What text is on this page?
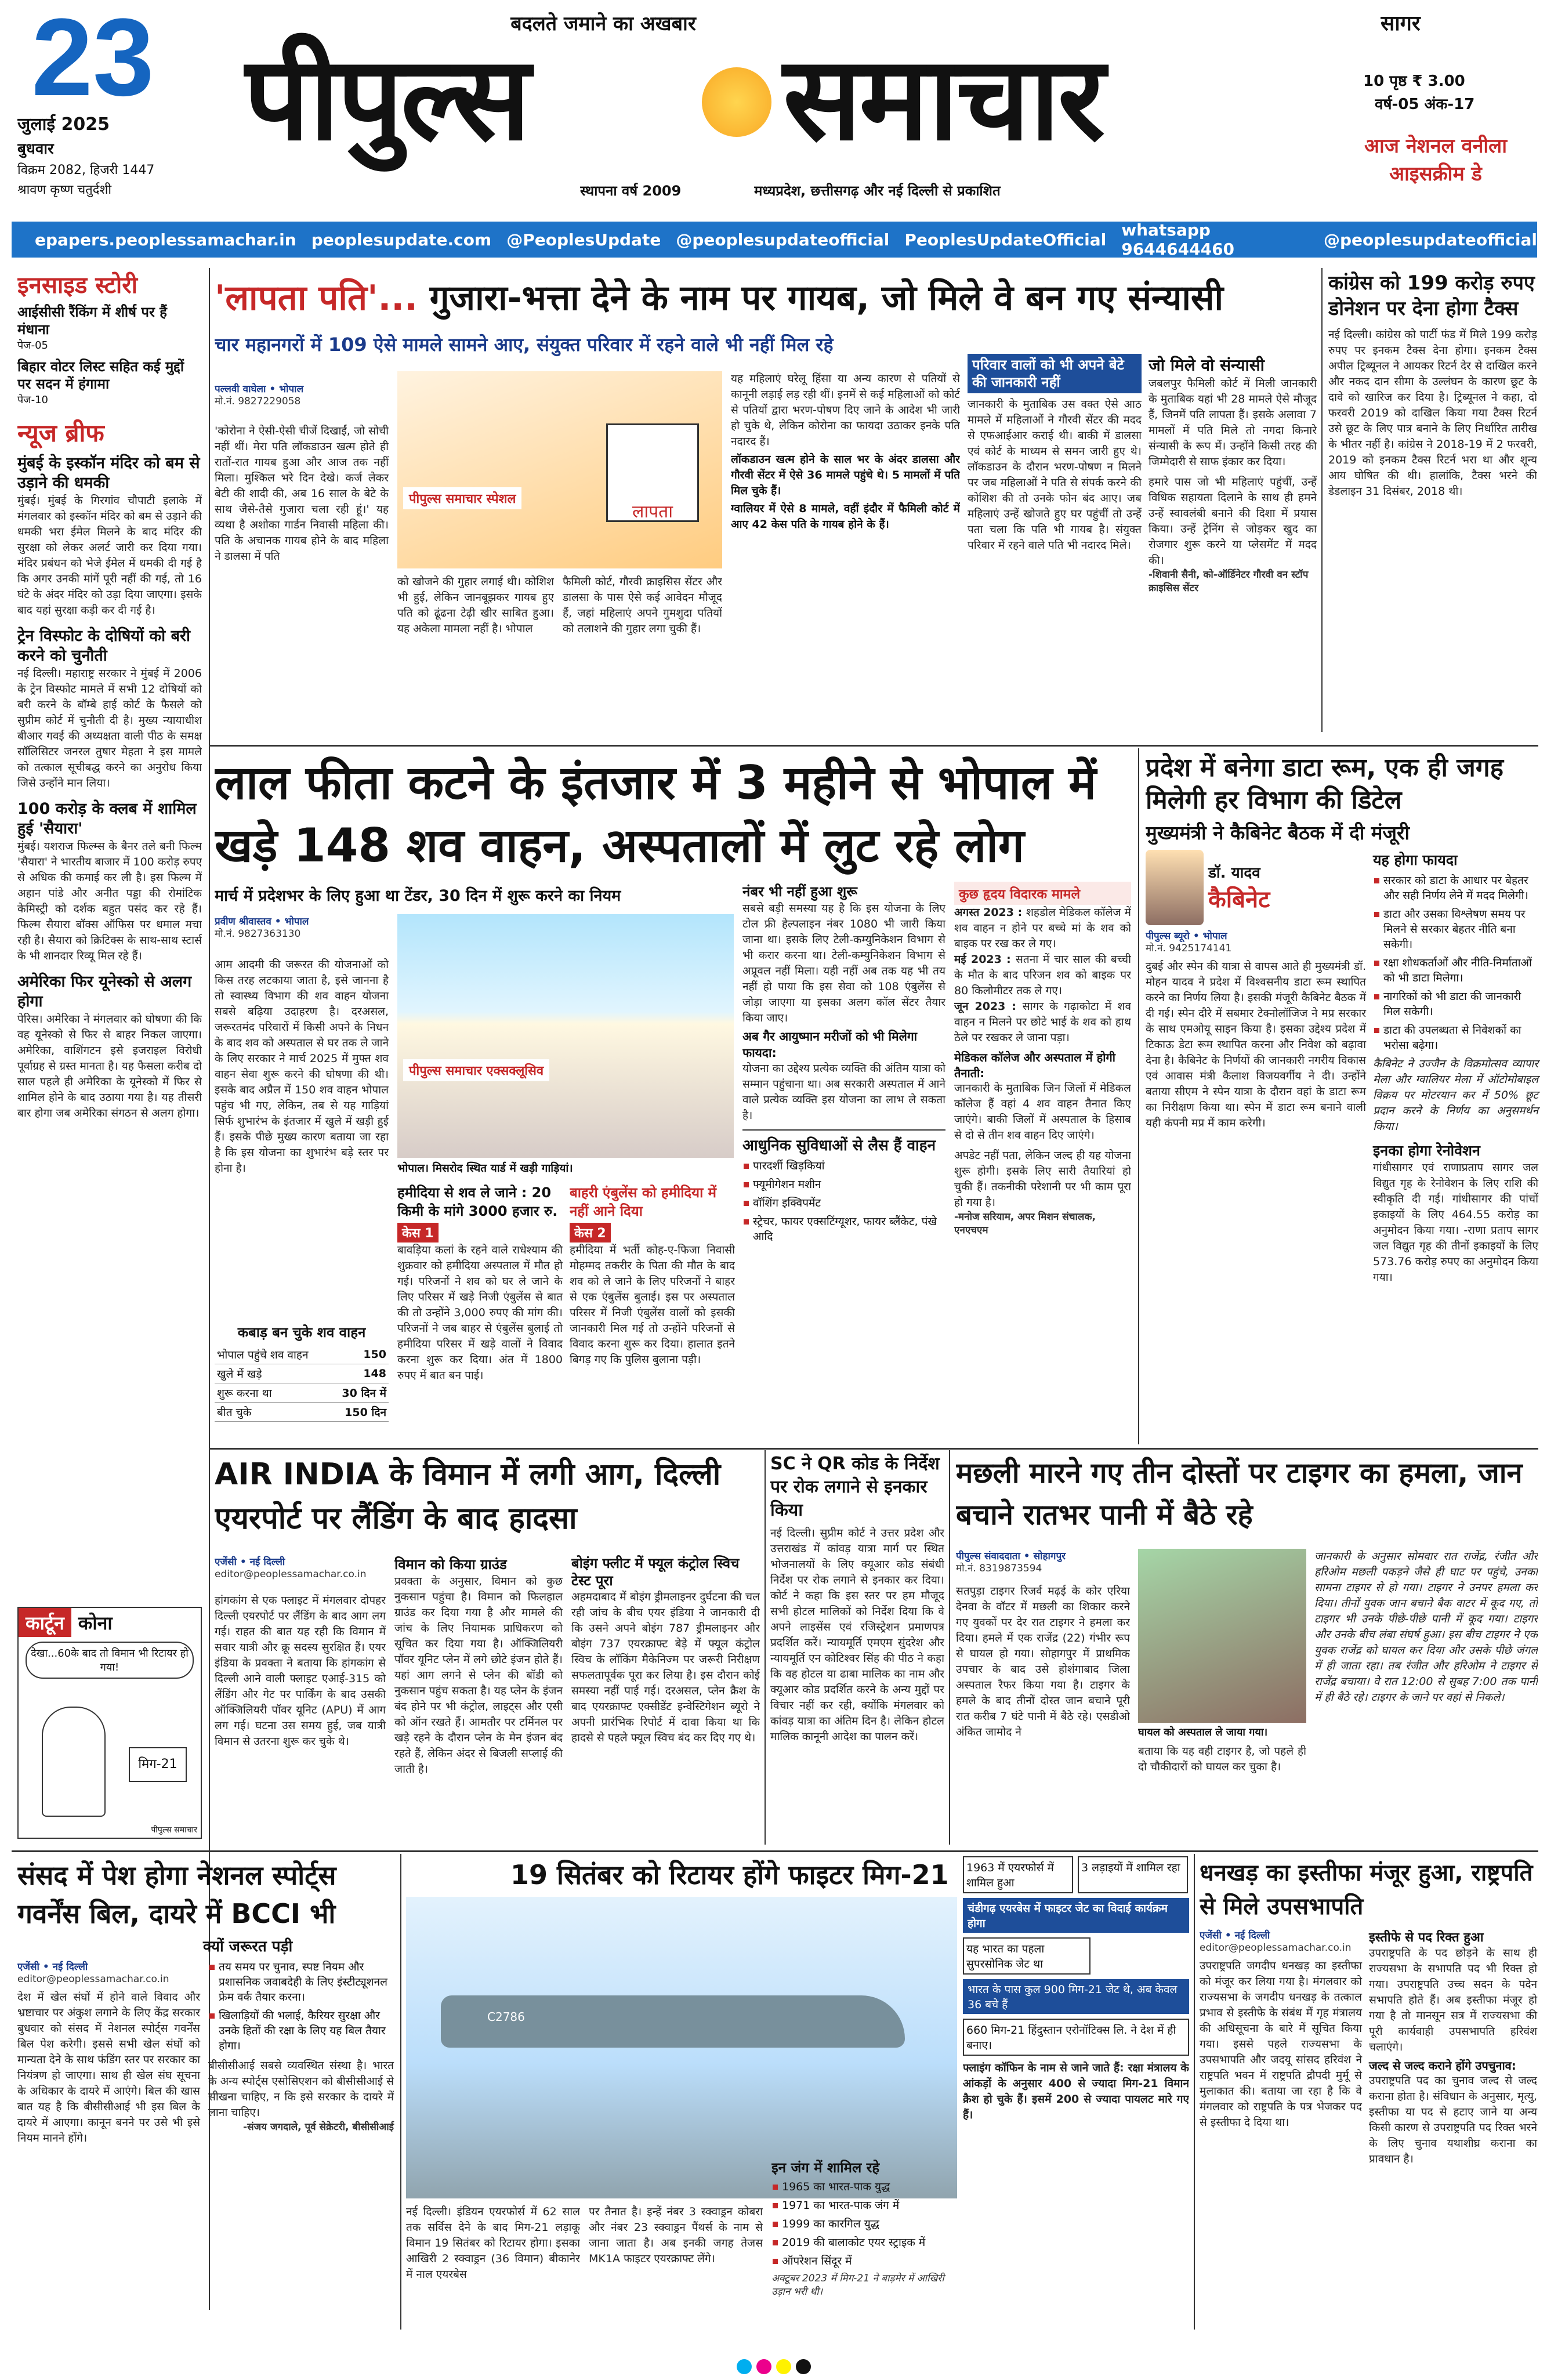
23
जुलाई 2025
बुधवार
विक्रम 2082, हिजरी 1447
श्रावण कृष्ण चतुर्दशी
बदलते जमाने का अखबार
पीपुल्स समाचार
स्थापना वर्ष 2009	मध्यप्रदेश, छत्तीसगढ़ और नई दिल्ली से प्रकाशित
सागर
10 पृष्ठ ₹ 3.00
वर्ष-05 अंक-17
आज नेशनल वनीला आइसक्रीम डे
epapers.peoplessamachar.in peoplesupdate.com @PeoplesUpdate @peoplesupdateofficial PeoplesUpdateOfficial whatsapp 9644644460	@peoplesupdateofficial
इनसाइड स्टोरी
आईसीसी रैंकिंग में शीर्ष पर हैं मंधाना
पेज-05
बिहार वोटर लिस्ट सहित कई मुद्दों पर सदन में हंगामा
पेज-10
न्यूज ब्रीफ
मुंबई के इस्कॉन मंदिर को बम से उड़ाने की धमकी
मुंबई। मुंबई के गिरगांव चौपाटी इलाके में मंगलवार को इस्कॉन मंदिर को बम से उड़ाने की धमकी भरा ईमेल मिलने के बाद मंदिर की सुरक्षा को लेकर अलर्ट जारी कर दिया गया। मंदिर प्रबंधन को भेजे ईमेल में धमकी दी गई है कि अगर उनकी मांगें पूरी नहीं की गई, तो 16 घंटे के अंदर मंदिर को उड़ा दिया जाएगा। इसके बाद यहां सुरक्षा कड़ी कर दी गई है।
ट्रेन विस्फोट के दोषियों को बरी करने को चुनौती
नई दिल्ली। महाराष्ट्र सरकार ने मुंबई में 2006 के ट्रेन विस्फोट मामले में सभी 12 दोषियों को बरी करने के बॉम्बे हाई कोर्ट के फैसले को सुप्रीम कोर्ट में चुनौती दी है। मुख्य न्यायाधीश बीआर गवई की अध्यक्षता वाली पीठ के समक्ष सॉलिसिटर जनरल तुषार मेहता ने इस मामले को तत्काल सूचीबद्ध करने का अनुरोध किया जिसे उन्होंने मान लिया।
100 करोड़ के क्लब में शामिल हुई 'सैयारा'
मुंबई। यशराज फिल्म्स के बैनर तले बनी फिल्म 'सैयारा' ने भारतीय बाजार में 100 करोड़ रुपए से अधिक की कमाई कर ली है। इस फिल्म में अहान पांडे और अनीत पड्डा की रोमांटिक केमिस्ट्री को दर्शक बहुत पसंद कर रहे हैं। फिल्म सैयारा बॉक्स ऑफिस पर धमाल मचा रही है। सैयारा को क्रिटिक्स के साथ-साथ स्टार्स के भी शानदार रिव्यू मिल रहे हैं।
अमेरिका फिर यूनेस्को से अलग होगा
पेरिस। अमेरिका ने मंगलवार को घोषणा की कि वह यूनेस्को से फिर से बाहर निकल जाएगा। अमेरिका, वाशिंगटन इसे इजराइल विरोधी पूर्वाग्रह से ग्रस्त मानता है। यह फैसला करीब दो साल पहले ही अमेरिका के यूनेस्को में फिर से शामिल होने के बाद उठाया गया है। यह तीसरी बार होगा जब अमेरिका संगठन से अलग होगा।
कार्टून कोना
देखा...60के बाद तो विमान भी रिटायर हो गया!
मिग-21
पीपुल्स समाचार
'लापता पति'... गुजारा-भत्ता देने के नाम पर गायब, जो मिले वे बन गए संन्यासी
चार महानगरों में 109 ऐसे मामले सामने आए, संयुक्त परिवार में रहने वाले भी नहीं मिल रहे
पल्लवी वाघेला • भोपाल
मो.नं. 9827229058
'कोरोना ने ऐसी-ऐसी चीजें दिखाईं, जो सोची नहीं थीं। मेरा पति लॉकडाउन खत्म होते ही रातों-रात गायब हुआ और आज तक नहीं मिला। मुश्किल भरे दिन देखे। कर्ज लेकर बेटी की शादी की, अब 16 साल के बेटे के साथ जैसे-तैसे गुजारा चला रही हूं।' यह व्यथा है अशोका गार्डन निवासी महिला की। पति के अचानक गायब होने के बाद महिला ने डालसा में पति
पीपुल्स समाचार स्पेशल
लापता
को खोजने की गुहार लगाई थी। कोशिश भी हुई, लेकिन जानबूझकर गायब हुए पति को ढूंढना टेढ़ी खीर साबित हुआ। यह अकेला मामला नहीं है। भोपाल
फैमिली कोर्ट, गौरवी क्राइसिस सेंटर और डालसा के पास ऐसे कई आवेदन मौजूद हैं, जहां महिलाएं अपने गुमशुदा पतियों को तलाशने की गुहार लगा चुकी हैं।

यह महिलाएं घरेलू हिंसा या अन्य कारण से पतियों से कानूनी लड़ाई लड़ रही थीं। इनमें से कई महिलाओं को कोर्ट से पतियों द्वारा भरण-पोषण दिए जाने के आदेश भी जारी हो चुके थे, लेकिन कोरोना का फायदा उठाकर इनके पति नदारद हैं।

लॉकडाउन खत्म होने के साल भर के अंदर डालसा और गौरवी सेंटर में ऐसे 36 मामले पहुंचे थे। 5 मामलों में पति मिल चुके हैं।

ग्वालियर में ऐसे 8 मामले, वहीं इंदौर में फैमिली कोर्ट में आए 42 केस पति के गायब होने के हैं।

परिवार वालों को भी अपने बेटे की जानकारी नहीं
जानकारी के मुताबिक उस वक्त ऐसे आठ मामले में महिलाओं ने गौरवी सेंटर की मदद से एफआईआर कराई थी। बाकी में डालसा एवं कोर्ट के माध्यम से समन जारी हुए थे। लॉकडाउन के दौरान भरण-पोषण न मिलने पर जब महिलाओं ने पति से संपर्क करने की कोशिश की तो उनके फोन बंद आए। जब महिलाएं उन्हें खोजते हुए घर पहुंचीं तो उन्हें पता चला कि पति भी गायब है। संयुक्त परिवार में रहने वाले पति भी नदारद मिले।
जो मिले वो संन्यासी
जबलपुर फैमिली कोर्ट में मिली जानकारी के मुताबिक यहां भी 28 मामले ऐसे मौजूद हैं, जिनमें पति लापता हैं। इसके अलावा 7 मामलों में पति मिले तो नगदा किनारे संन्यासी के रूप में। उन्होंने किसी तरह की जिम्मेदारी से साफ इंकार कर दिया।
हमारे पास जो भी महिलाएं पहुंचीं, उन्हें विधिक सहायता दिलाने के साथ ही हमने उन्हें स्वावलंबी बनाने की दिशा में प्रयास किया। उन्हें ट्रेनिंग से जोड़कर खुद का रोजगार शुरू करने या प्लेसमेंट में मदद की।
-शिवानी सैनी, को-ऑर्डिनेटर गौरवी वन स्टॉप क्राइसिस सेंटर
कांग्रेस को 199 करोड़ रुपए डोनेशन पर देना होगा टैक्स
नई दिल्ली। कांग्रेस को पार्टी फंड में मिले 199 करोड़ रुपए पर इनकम टैक्स देना होगा। इनकम टैक्स अपील ट्रिब्यूनल ने आयकर रिटर्न देर से दाखिल करने और नकद दान सीमा के उल्लंघन के कारण छूट के दावे को खारिज कर दिया है। ट्रिब्यूनल ने कहा, दो फरवरी 2019 को दाखिल किया गया टैक्स रिटर्न उसे छूट के लिए पात्र बनाने के लिए निर्धारित तारीख के भीतर नहीं है। कांग्रेस ने 2018-19 में 2 फरवरी, 2019 को इनकम टैक्स रिटर्न भरा था और शून्य आय घोषित की थी। हालांकि, टैक्स भरने की डेडलाइन 31 दिसंबर, 2018 थी।
लाल फीता कटने के इंतजार में 3 महीने से भोपाल में खड़े 148 शव वाहन, अस्पतालों में लुट रहे लोग
मार्च में प्रदेशभर के लिए हुआ था टेंडर, 30 दिन में शुरू करने का नियम
प्रवीण श्रीवास्तव • भोपाल
मो.नं. 9827363130
आम आदमी की जरूरत की योजनाओं को किस तरह लटकाया जाता है, इसे जानना है तो स्वास्थ्य विभाग की शव वाहन योजना सबसे बढ़िया उदाहरण है। दरअसल, जरूरतमंद परिवारों में किसी अपने के निधन के बाद शव को अस्पताल से घर तक ले जाने के लिए सरकार ने मार्च 2025 में मुफ्त शव वाहन सेवा शुरू करने की घोषणा की थी। इसके बाद अप्रैल में 150 शव वाहन भोपाल पहुंच भी गए, लेकिन, तब से यह गाड़ियां सिर्फ शुभारंभ के इंतजार में खुले में खड़ी हुई हैं। इसके पीछे मुख्य कारण बताया जा रहा है कि इस योजना का शुभारंभ बड़े स्तर पर होना है।
पीपुल्स समाचार एक्सक्लूसिव
भोपाल। मिसरोद स्थित यार्ड में खड़ी गाड़ियां।
कबाड़ बन चुके शव वाहन
भोपाल पहुंचे शव वाहन	150
खुले में खड़े	148
शुरू करना था	30 दिन में
बीत चुके	150 दिन
हमीदिया से शव ले जाने : 20 किमी के मांगे 3000 हजार रु.
केस 1
बावड़िया कलां के रहने वाले राधेश्याम की शुक्रवार को हमीदिया अस्पताल में मौत हो गई। परिजनों ने शव को घर ले जाने के लिए परिसर में खड़े निजी एंबुलेंस से बात की तो उन्होंने 3,000 रुपए की मांग की। परिजनों ने जब बाहर से एंबुलेंस बुलाई तो हमीदिया परिसर में खड़े वालों ने विवाद करना शुरू कर दिया। अंत में 1800 रुपए में बात बन पाई।
बाहरी एंबुलेंस को हमीदिया में नहीं आने दिया
केस 2
हमीदिया में भर्ती कोह-ए-फिजा निवासी मोहम्मद तकरीर के पिता की मौत के बाद शव को ले जाने के लिए परिजनों ने बाहर से एक एंबुलेंस बुलाई। इस पर अस्पताल परिसर में निजी एंबुलेंस वालों को इसकी जानकारी मिल गई तो उन्होंने परिजनों से विवाद करना शुरू कर दिया। हालात इतने बिगड़ गए कि पुलिस बुलाना पड़ी।
नंबर भी नहीं हुआ शुरू
सबसे बड़ी समस्या यह है कि इस योजना के लिए टोल फ्री हेल्पलाइन नंबर 1080 भी जारी किया जाना था। इसके लिए टेली-कम्युनिकेशन विभाग से भी करार करना था। टेली-कम्युनिकेशन विभाग से अप्रूवल नहीं मिला। यही नहीं अब तक यह भी तय नहीं हो पाया कि इस सेवा को 108 एंबुलेंस से जोड़ा जाएगा या इसका अलग कॉल सेंटर तैयार किया जाए।
अब गैर आयुष्मान मरीजों को भी मिलेगा फायदा:
योजना का उद्देश्य प्रत्येक व्यक्ति की अंतिम यात्रा को सम्मान पहुंचाना था। अब सरकारी अस्पताल में आने वाले प्रत्येक व्यक्ति इस योजना का लाभ ले सकता है।
आधुनिक सुविधाओं से लैस हैं वाहन
पारदर्शी खिड़कियां
फ्यूमीगेशन मशीन
वॉशिंग इक्विपमेंट
स्ट्रेचर, फायर एक्सटिंग्यूशर, फायर ब्लैंकेट, पंखे आदि
कुछ हृदय विदारक मामले
अगस्त 2023 : शहडोल मेडिकल कॉलेज में शव वाहन न होने पर बच्चे मां के शव को बाइक पर रख कर ले गए।
मई 2023 : सतना में चार साल की बच्ची के मौत के बाद परिजन शव को बाइक पर 80 किलोमीटर तक ले गए।
जून 2023 : सागर के गढ़ाकोटा में शव वाहन न मिलने पर छोटे भाई के शव को हाथ ठेले पर रखकर ले जाना पड़ा।
मेडिकल कॉलेज और अस्पताल में होगी तैनाती:
जानकारी के मुताबिक जिन जिलों में मेडिकल कॉलेज हैं वहां 4 शव वाहन तैनात किए जाएंगे। बाकी जिलों में अस्पताल के हिसाब से दो से तीन शव वाहन दिए जाएंगे।
अपडेट नहीं पता, लेकिन जल्द ही यह योजना शुरू होगी। इसके लिए सारी तैयारियां हो चुकी हैं। तकनीकी परेशानी पर भी काम पूरा हो गया है।
-मनोज सरियाम, अपर मिशन संचालक, एनएचएम
प्रदेश में बनेगा डाटा रूम, एक ही जगह मिलेगी हर विभाग की डिटेल
मुख्यमंत्री ने कैबिनेट बैठक में दी मंजूरी
डॉ. यादव
कैबिनेट
पीपुल्स ब्यूरो • भोपाल
मो.नं. 9425174141
दुबई और स्पेन की यात्रा से वापस आते ही मुख्यमंत्री डॉ. मोहन यादव ने प्रदेश में विश्वसनीय डाटा रूम स्थापित करने का निर्णय लिया है। इसकी मंजूरी कैबिनेट बैठक में दी गई। स्पेन दौरे में सबमार टेक्नोलॉजिज ने मप्र सरकार के साथ एमओयू साइन किया है। इसका उद्देश्य प्रदेश में टिकाऊ डेटा रूम स्थापित करना और निवेश को बढ़ावा देना है। कैबिनेट के निर्णयों की जानकारी नगरीय विकास एवं आवास मंत्री कैलाश विजयवर्गीय ने दी। उन्होंने बताया सीएम ने स्पेन यात्रा के दौरान वहां के डाटा रूम का निरीक्षण किया था। स्पेन में डाटा रूम बनाने वाली यही कंपनी मप्र में काम करेगी।
यह होगा फायदा
सरकार को डाटा के आधार पर बेहतर और सही निर्णय लेने में मदद मिलेगी।
डाटा और उसका विश्लेषण समय पर मिलने से सरकार बेहतर नीति बना सकेगी।
रक्षा शोधकर्ताओं और नीति-निर्माताओं को भी डाटा मिलेगा।
नागरिकों को भी डाटा की जानकारी मिल सकेगी।
डाटा की उपलब्धता से निवेशकों का भरोसा बढ़ेगा।
कैबिनेट ने उज्जैन के विक्रमोत्सव व्यापार मेला और ग्वालियर मेला में ऑटोमोबाइल विक्रय पर मोटरयान कर में 50% छूट प्रदान करने के निर्णय का अनुसमर्थन किया।
इनका होगा रेनोवेशन
गांधीसागर एवं राणाप्रताप सागर जल विद्युत गृह के रेनोवेशन के लिए राशि की स्वीकृति दी गई। गांधीसागर की पांचों इकाइयों के लिए 464.55 करोड़ का अनुमोदन किया गया। -राणा प्रताप सागर जल विद्युत गृह की तीनों इकाइयों के लिए 573.76 करोड़ रुपए का अनुमोदन किया गया।
AIR INDIA के विमान में लगी आग, दिल्ली एयरपोर्ट पर लैंडिंग के बाद हादसा
एजेंसी • नई दिल्ली
editor@peoplessamachar.co.in
हांगकांग से एक फ्लाइट में मंगलवार दोपहर दिल्ली एयरपोर्ट पर लैंडिंग के बाद आग लग गई। राहत की बात यह रही कि विमान में सवार यात्री और क्रू सदस्य सुरक्षित हैं। एयर इंडिया के प्रवक्ता ने बताया कि हांगकांग से दिल्ली आने वाली फ्लाइट एआई-315 को लैंडिंग और गेट पर पार्किंग के बाद उसकी ऑक्जिलियरी पॉवर यूनिट (APU) में आग लग गई। घटना उस समय हुई, जब यात्री विमान से उतरना शुरू कर चुके थे।
विमान को किया ग्राउंड
प्रवक्ता के अनुसार, विमान को कुछ नुकसान पहुंचा है। विमान को फिलहाल ग्राउंड कर दिया गया है और मामले की जांच के लिए नियामक प्राधिकरण को सूचित कर दिया गया है। ऑक्जिलियरी पॉवर यूनिट प्लेन में लगे छोटे इंजन होते हैं। यहां आग लगने से प्लेन की बॉडी को नुकसान पहुंच सकता है। यह प्लेन के इंजन बंद होने पर भी कंट्रोल, लाइट्स और एसी को ऑन रखते हैं। आमतौर पर टर्मिनल पर खड़े रहने के दौरान प्लेन के मेन इंजन बंद रहते हैं, लेकिन अंदर से बिजली सप्लाई की जाती है।
बोइंग फ्लीट में फ्यूल कंट्रोल स्विच टेस्ट पूरा
अहमदाबाद में बोइंग ड्रीमलाइनर दुर्घटना की चल रही जांच के बीच एयर इंडिया ने जानकारी दी कि उसने अपने बोइंग 787 ड्रीमलाइनर और बोइंग 737 एयरक्राफ्ट बेड़े में फ्यूल कंट्रोल स्विच के लॉकिंग मैकेनिज्म पर जरूरी निरीक्षण सफलतापूर्वक पूरा कर लिया है। इस दौरान कोई समस्या नहीं पाई गई। दरअसल, प्लेन क्रैश के बाद एयरक्राफ्ट एक्सीडेंट इन्वेस्टिगेशन ब्यूरो ने अपनी प्रारंभिक रिपोर्ट में दावा किया था कि हादसे से पहले फ्यूल स्विच बंद कर दिए गए थे।
SC ने QR कोड के निर्देश पर रोक लगाने से इनकार किया
नई दिल्ली। सुप्रीम कोर्ट ने उत्तर प्रदेश और उत्तराखंड में कांवड़ यात्रा मार्ग पर स्थित भोजनालयों के लिए क्यूआर कोड संबंधी निर्देश पर रोक लगाने से इनकार कर दिया। कोर्ट ने कहा कि इस स्तर पर हम मौजूद सभी होटल मालिकों को निर्देश दिया कि वे अपने लाइसेंस एवं रजिस्ट्रेशन प्रमाणपत्र प्रदर्शित करें। न्यायमूर्ति एमएम सुंदरेश और न्यायमूर्ति एन कोटिश्वर सिंह की पीठ ने कहा कि वह होटल या ढाबा मालिक का नाम और क्यूआर कोड प्रदर्शित करने के अन्य मुद्दों पर विचार नहीं कर रही, क्योंकि मंगलवार को कांवड़ यात्रा का अंतिम दिन है। लेकिन होटल मालिक कानूनी आदेश का पालन करें।
मछली मारने गए तीन दोस्तों पर टाइगर का हमला, जान बचाने रातभर पानी में बैठे रहे
पीपुल्स संवाददाता • सोहागपुर
मो.नं. 8319873594
सतपुड़ा टाइगर रिजर्व मढ़ई के कोर एरिया देनवा के वॉटर में मछली का शिकार करने गए युवकों पर देर रात टाइगर ने हमला कर दिया। हमले में एक राजेंद्र (22) गंभीर रूप से घायल हो गया। सोहागपुर में प्राथमिक उपचार के बाद उसे होशंगाबाद जिला अस्पताल रैफर किया गया है। टाइगर के हमले के बाद तीनों दोस्त जान बचाने पूरी रात करीब 7 घंटे पानी में बैठे रहे। एसडीओ अंकित जामोद ने	घायल को अस्पताल ले जाया गया।
बताया कि यह वही टाइगर है, जो पहले ही दो चौकीदारों को घायल कर चुका है।
जानकारी के अनुसार सोमवार रात राजेंद्र, रंजीत और हरिओम मछली पकड़ने जैसे ही घाट पर पहुंचे, उनका सामना टाइगर से हो गया। टाइगर ने उनपर हमला कर दिया। तीनों युवक जान बचाने बैक वाटर में कूद गए, तो टाइगर भी उनके पीछे-पीछे पानी में कूद गया। टाइगर और उनके बीच लंबा संघर्ष हुआ। इस बीच टाइगर ने एक युवक राजेंद्र को घायल कर दिया और उसके पीछे जंगल में ही जाता रहा। तब रंजीत और हरिओम ने टाइगर से राजेंद्र बचाया। वे रात 12:00 से सुबह 7:00 तक पानी में ही बैठे रहे। टाइगर के जाने पर वहां से निकले।
संसद में पेश होगा नेशनल स्पोर्ट्स गवर्नेंस बिल, दायरे में BCCI भी
क्यों जरूरत पड़ी
एजेंसी • नई दिल्ली
editor@peoplessamachar.co.in
देश में खेल संघों में होने वाले विवाद और भ्रष्टाचार पर अंकुश लगाने के लिए केंद्र सरकार बुधवार को संसद में नेशनल स्पोर्ट्स गवर्नेंस बिल पेश करेगी। इससे सभी खेल संघों को मान्यता देने के साथ फंडिंग स्तर पर सरकार का नियंत्रण हो जाएगा। साथ ही खेल संघ सूचना के अधिकार के दायरे में आएंगे। बिल की खास बात यह है कि बीसीसीआई भी इस बिल के दायरे में आएगा। कानून बनने पर उसे भी इसे नियम मानने होंगे।
तय समय पर चुनाव, स्पष्ट नियम और प्रशासनिक जवाबदेही के लिए इंस्टीट्यूशनल फ्रेम वर्क तैयार करना।
खिलाड़ियों की भलाई, कैरियर सुरक्षा और उनके हितों की रक्षा के लिए यह बिल तैयार होगा।
बीसीसीआई सबसे व्यवस्थित संस्था है। भारत के अन्य स्पोर्ट्स एसोसिएशन को बीसीसीआई से सीखना चाहिए, न कि इसे सरकार के दायरे में लाना चाहिए।
-संजय जगदाले, पूर्व सेक्रेटरी, बीसीसीआई
19 सितंबर को रिटायर होंगे फाइटर मिग-21
C2786
नई दिल्ली। इंडियन एयरफोर्स में 62 साल तक सर्विस देने के बाद मिग-21 लड़ाकू विमान 19 सितंबर को रिटायर होगा। इसका आखिरी 2 स्क्वाड्रन (36 विमान) बीकानेर में नाल एयरबेस
पर तैनात है। इन्हें नंबर 3 स्क्वाड्रन कोबरा और नंबर 23 स्क्वाड्रन पैंथर्स के नाम से जाना जाता है। अब इनकी जगह तेजस MK1A फाइटर एयरक्राफ्ट लेंगे।
इन जंग में शामिल रहे
1965 का भारत-पाक युद्ध
1971 का भारत-पाक जंग में
1999 का कारगिल युद्ध
2019 की बालाकोट एयर स्ट्राइक में
ऑपरेशन सिंदूर में
अक्टूबर 2023 में मिग-21 ने बाड़मेर में आखिरी उड़ान भरी थी।
1963 में एयरफोर्स में शामिल हुआ
3 लड़ाइयों में शामिल रहा
चंडीगढ़ एयरबेस में फाइटर जेट का विदाई कार्यक्रम होगा
यह भारत का पहला सुपरसोनिक जेट था
भारत के पास कुल 900 मिग-21 जेट थे, अब केवल 36 बचे हैं
660 मिग-21 हिंदुस्तान एरोनॉटिक्स लि. ने देश में ही बनाए।
फ्लाइंग कॉफिन के नाम से जाने जाते हैं: रक्षा मंत्रालय के आंकड़ों के अनुसार 400 से ज्यादा मिग-21 विमान क्रैश हो चुके हैं। इसमें 200 से ज्यादा पायलट मारे गए हैं।
धनखड़ का इस्तीफा मंजूर हुआ, राष्ट्रपति से मिले उपसभापति
एजेंसी • नई दिल्ली
editor@peoplessamachar.co.in
उपराष्ट्रपति जगदीप धनखड़ का इस्तीफा को मंजूर कर लिया गया है। मंगलवार को राज्यसभा के जगदीप धनखड़ के तत्काल प्रभाव से इस्तीफे के संबंध में गृह मंत्रालय की अधिसूचना के बारे में सूचित किया गया। इससे पहले राज्यसभा के उपसभापति और जदयू सांसद हरिवंश ने राष्ट्रपति भवन में राष्ट्रपति द्रौपदी मुर्मू से मुलाकात की। बताया जा रहा है कि वे मंगलवार को राष्ट्रपति के पत्र भेजकर पद से इस्तीफा दे दिया था।
इस्तीफे से पद रिक्त हुआ
उपराष्ट्रपति के पद छोड़ने के साथ ही राज्यसभा के सभापति पद भी रिक्त हो गया। उपराष्ट्रपति उच्च सदन के पदेन सभापति होते हैं। अब इस्तीफा मंजूर हो गया है तो मानसून सत्र में राज्यसभा की पूरी कार्यवाही उपसभापति हरिवंश चलाएंगे।
जल्द से जल्द कराने होंगे उपचुनाव:
उपराष्ट्रपति पद का चुनाव जल्द से जल्द कराना होता है। संविधान के अनुसार, मृत्यु, इस्तीफा या पद से हटाए जाने या अन्य किसी कारण से उपराष्ट्रपति पद रिक्त भरने के लिए चुनाव यथाशीघ्र कराना का प्रावधान है।
